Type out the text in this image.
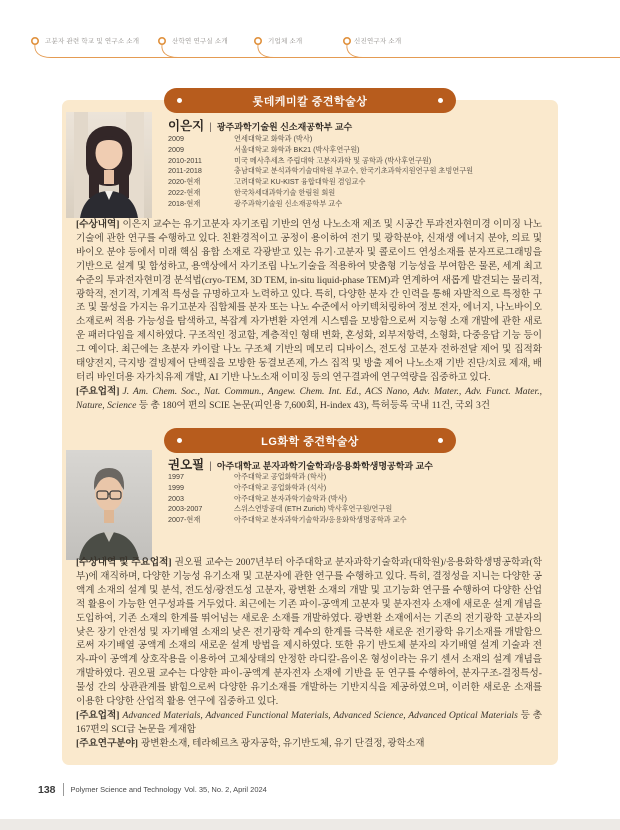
고분자 관련 학교 및 연구소 소개	산학연 연구실 소개	기업체 소개	신진연구자 소개
롯데케미칼 중견학술상
이은지 | 광주과학기술원 신소재공학부 교수
2009	연세대학교 화학과 (박사)
2009	서울대학교 화학과 BK21 (박사후연구원)
2010-2011	미국 메사추세츠 주립대학 고분자과학 및 공학과 (박사후연구원)
2011-2018	충남대학교 분석과학기술대학원 부교수, 한국기초과학지원연구원 초빙연구원
2020-현재	고려대학교 KU-KIST 융합대학원 겸임교수
2022-현재	한국차세대과학기술 한림원 회원
2018-현재	광주과학기술원 신소재공학부 교수

[수상내역] 이은지 교수는 유기고분자 자기조립 기반의 연성 나노소재 제조 및 시공간 투과전자현미경 이미징 나노기술에 관한 연구를 수행하고 있다. 친환경적이고 공정이 용이하여 전기 및 광학분야, 신재생 에너지 분야, 의료 및 바이오 분야 등에서 미래 핵심 융합 소재로 각광받고 있는 유기·고분자 및 콜로이드 연성소재를 분자프로그래밍을 기반으로 설계 및 합성하고, 용액상에서 자기조립 나노기술을 적용하여 맞춤형 기능성을 부여함은 물론, 세계 최고 수준의 투과전자현미경 분석법(cryo-TEM, 3D TEM, in-situ liquid-phase TEM)과 연계하여 새롭게 발견되는 물리적, 광학적, 전기적, 기계적 특성을 규명하고자 노력하고 있다. 특히, 다양한 분자 간 인력을 통해 자발적으로 특정한 구조 및 물성을 가지는 유기고분자 집합체를 분자 또는 나노 수준에서 아키텍처링하여 정보 전자, 에너지, 나노바이오 소재로써 적용 가능성을 탐색하고, 복잡계 자가변환 자연계 시스템을 모방함으로써 지능형 소재 개발에 관한 새로운 패러다임을 제시하였다. 구조적인 정교함, 계층적인 형태 변화, 혼성화, 외부저항력, 소형화, 다중응답 기능 등이 그 예이다. 최근에는 초분자 카이랄 나노 구조체 기반의 메모리 디바이스, 전도성 고분자 전하전달 제어 및 집적화 태양전지, 극지방 결빙제어 단백질을 모방한 동결보존제, 가스 집적 및 방출 제어 나노소재 기반 진단/치료 제재, 배터리 바인더용 자가치유제 개발, AI 기반 나노소재 이미징 등의 연구결과에 연구역량을 집중하고 있다.

[주요업적] J. Am. Chem. Soc., Nat. Commun., Angew. Chem. Int. Ed., ACS Nano, Adv. Mater., Adv. Funct. Mater., Nature, Science 등 총 180여 편의 SCIE 논문(피인용 7,600회, H-index 43), 특허등록 국내 11건, 국외 3건

LG화학 중견학술상
권오필 | 아주대학교 분자과학기술학과/응용화학생명공학과 교수
1997	아주대학교 공업화학과 (학사)
1999	아주대학교 공업화학과 (석사)
2003	아주대학교 분자과학기술학과 (박사)
2003-2007	스위스연방공대 (ETH Zurich) 박사후연구원/연구원
2007-현재	아주대학교 분자과학기술학과/응용화학생명공학과 교수

[수상내역 및 주요업적] 권오필 교수는 2007년부터 아주대학교 분자과학기술학과(대학원)/응용화학생명공학과(학부)에 재직하며, 다양한 기능성 유기소재 및 고분자에 관한 연구를 수행하고 있다. 특히, 결정성을 지니는 다양한 공액계 소재의 설계 및 분석, 전도성/광전도성 고분자, 광변환 소재의 개발 및 고기능화 연구를 수행하여 다양한 산업적 활용이 가능한 연구성과를 거두었다. 최근에는 기존 파이-공액계 고분자 및 분자전자 소재에 새로운 설계 개념을 도입하여, 기존 소재의 한계를 뛰어넘는 새로운 소재를 개발하였다. 광변환 소재에서는 기존의 전기광학 고분자의 낮은 장기 안전성 및 자기배열 소재의 낮은 전기광학 계수의 한계를 극복한 새로운 전기광학 유기소재를 개발함으로써 자기배열 공액계 소재의 새로운 설계 방법을 제시하였다. 또한 유기 반도체 분자의 자기배열 설계 기술과 전자-파이 공액계 상호작용을 이용하여 고체상태의 안정한 라디칼-음이온 형성이라는 유기 센서 소재의 설계 개념을 개발하였다. 권오필 교수는 다양한 파이-공액계 분자전자 소재에 기반을 둔 연구를 수행하여, 분자구조-결정특성-물성 간의 상관관계를 밝힘으로써 다양한 유기소재를 개발하는 기반지식을 제공하였으며, 이러한 새로운 소재를 이용한 다양한 산업적 활용 연구에 집중하고 있다.

[주요업적] Advanced Materials, Advanced Functional Materials, Advanced Science, Advanced Optical Materials 등 총 167편의 SCI급 논문을 게재함

[주요연구분야] 광변환소재, 테라헤르츠 광자공학, 유기반도체, 유기 단결정, 광학소재

138 Polymer Science and Technology Vol. 35, No. 2, April 2024
